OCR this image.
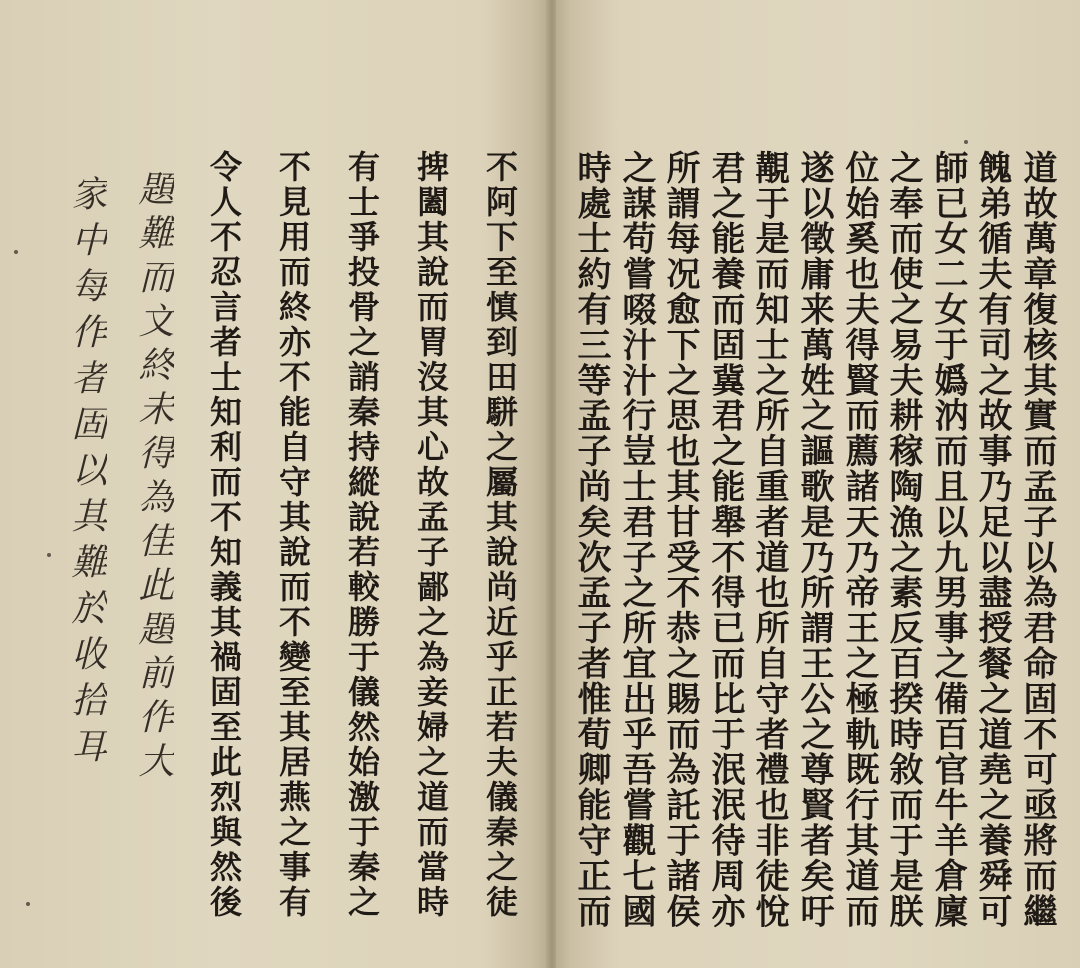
不阿下至慎到田駢之屬其說尚近乎正若夫儀秦之徒
捭闔其說而胃沒其心故孟子鄙之為妾婦之道而當時
有士爭投骨之誚秦持縱說若較勝于儀然始激于秦之
不見用而終亦不能自守其說而不變至其居燕之事有
令人不忍言者士知利而不知義其禍固至此烈與然後
題難而文終未得為佳此題前作大
家中每作者固以其難於收拾耳	道故萬章復核其實而孟子以為君命固不可亟將而繼
餽弟循夫有司之故事乃足以盡授餐之道堯之養舜可
師已女二女于嬀汭而且以九男事之備百官牛羊倉廩
之奉而使之易夫耕稼陶漁之素反百揆時敘而于是朕
位始奚也夫得賢而薦諸天乃帝王之極軌既行其道而
遂以徵庸来萬姓之謳歌是乃所謂王公之尊賢者矣吁
覯于是而知士之所自重者道也所自守者禮也非徒悅
君之能養而固冀君之能舉不得已而比于泯泯待周亦
所謂每况愈下之思也其甘受不恭之賜而為託于諸侯
之謀苟嘗啜汁汁行豈士君子之所宜出乎吾嘗觀七國
時處士約有三等孟子尚矣次孟子者惟荀卿能守正而
